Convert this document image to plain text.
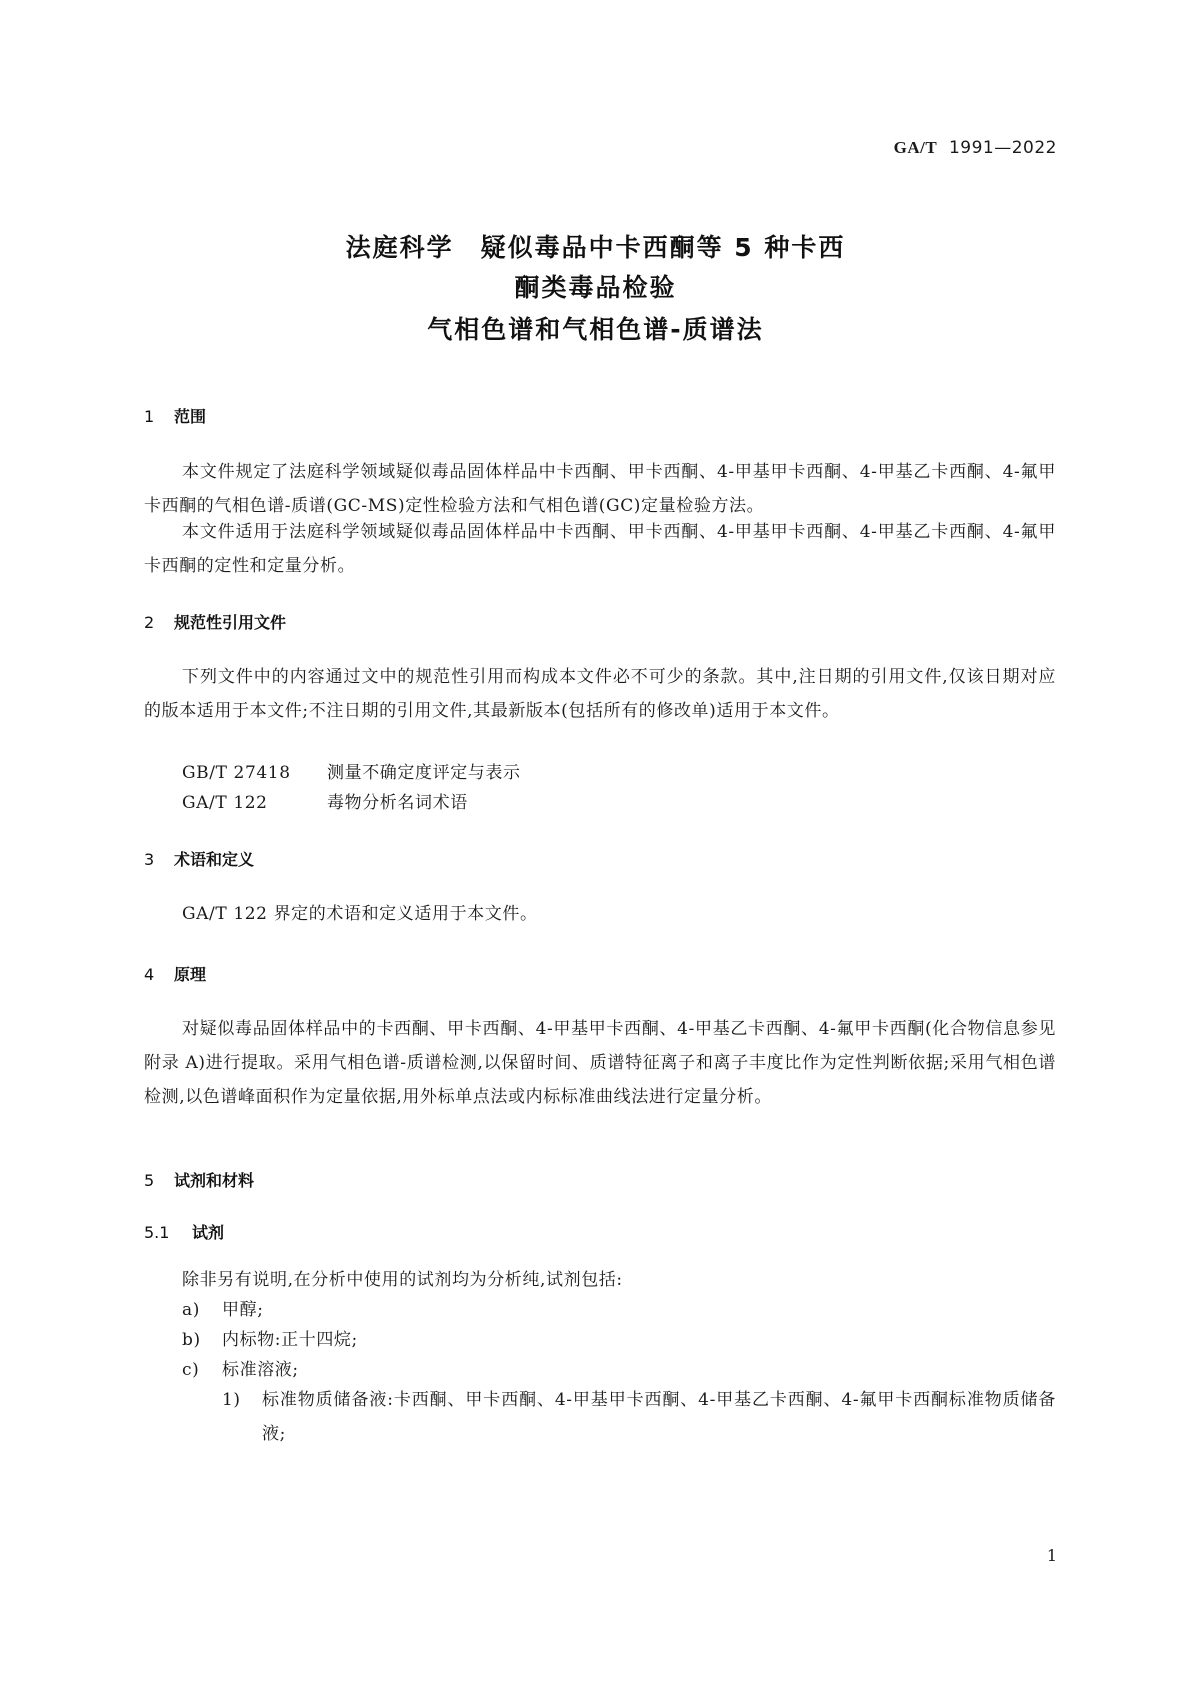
GA/T 1991—2022
法庭科学　疑似毒品中卡西酮等 5 种卡西
酮类毒品检验
气相色谱和气相色谱-质谱法
1 范围
本文件规定了法庭科学领域疑似毒品固体样品中卡西酮、甲卡西酮、4-甲基甲卡西酮、4-甲基乙卡西酮、4-氟甲卡西酮的气相色谱-质谱(GC-MS)定性检验方法和气相色谱(GC)定量检验方法。
本文件适用于法庭科学领域疑似毒品固体样品中卡西酮、甲卡西酮、4-甲基甲卡西酮、4-甲基乙卡西酮、4-氟甲卡西酮的定性和定量分析。
2 规范性引用文件
下列文件中的内容通过文中的规范性引用而构成本文件必不可少的条款。其中,注日期的引用文件,仅该日期对应的版本适用于本文件;不注日期的引用文件,其最新版本(包括所有的修改单)适用于本文件。
GB/T 27418 测量不确定度评定与表示
GA/T 122	毒物分析名词术语
3 术语和定义
GA/T 122 界定的术语和定义适用于本文件。
4 原理
对疑似毒品固体样品中的卡西酮、甲卡西酮、4-甲基甲卡西酮、4-甲基乙卡西酮、4-氟甲卡西酮(化合物信息参见附录 A)进行提取。采用气相色谱-质谱检测,以保留时间、质谱特征离子和离子丰度比作为定性判断依据;采用气相色谱检测,以色谱峰面积作为定量依据,用外标单点法或内标标准曲线法进行定量分析。
5 试剂和材料
5.1 试剂
除非另有说明,在分析中使用的试剂均为分析纯,试剂包括:
a) 甲醇;
b) 内标物:正十四烷;
c) 标准溶液;
1) 标准物质储备液:卡西酮、甲卡西酮、4-甲基甲卡西酮、4-甲基乙卡西酮、4-氟甲卡西酮标准物质储备液;
1
